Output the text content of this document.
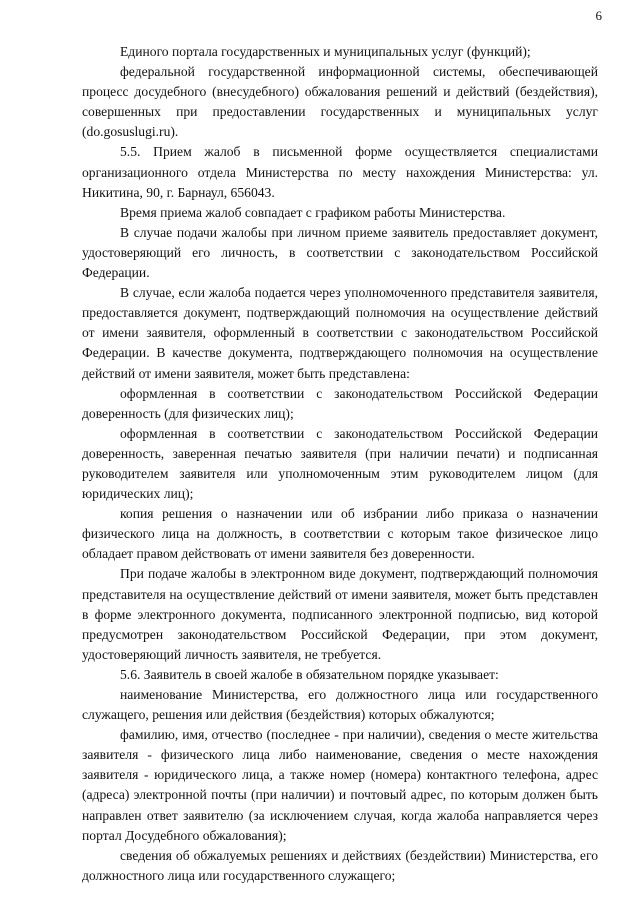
6

Единого портала государственных и муниципальных услуг (функций);

федеральной государственной информационной системы, обеспечивающей процесс досудебного (внесудебного) обжалования решений и действий (бездействия), совершенных при предоставлении государственных и муниципальных услуг (do.gosuslugi.ru).

5.5. Прием жалоб в письменной форме осуществляется специалистами организационного отдела Министерства по месту нахождения Министерства: ул. Никитина, 90, г. Барнаул, 656043.

Время приема жалоб совпадает с графиком работы Министерства.

В случае подачи жалобы при личном приеме заявитель предоставляет документ, удостоверяющий его личность, в соответствии с законодательством Российской Федерации.

В случае, если жалоба подается через уполномоченного представителя заявителя, предоставляется документ, подтверждающий полномочия на осуществление действий от имени заявителя, оформленный в соответствии с законодательством Российской Федерации. В качестве документа, подтверждающего полномочия на осуществление действий от имени заявителя, может быть представлена:

оформленная в соответствии с законодательством Российской Федерации доверенность (для физических лиц);

оформленная в соответствии с законодательством Российской Федерации доверенность, заверенная печатью заявителя (при наличии печати) и подписанная руководителем заявителя или уполномоченным этим руководителем лицом (для юридических лиц);

копия решения о назначении или об избрании либо приказа о назначении физического лица на должность, в соответствии с которым такое физическое лицо обладает правом действовать от имени заявителя без доверенности.

При подаче жалобы в электронном виде документ, подтверждающий полномочия представителя на осуществление действий от имени заявителя, может быть представлен в форме электронного документа, подписанного электронной подписью, вид которой предусмотрен законодательством Российской Федерации, при этом документ, удостоверяющий личность заявителя, не требуется.

5.6. Заявитель в своей жалобе в обязательном порядке указывает:

наименование Министерства, его должностного лица или государственного служащего, решения или действия (бездействия) которых обжалуются;

фамилию, имя, отчество (последнее - при наличии), сведения о месте жительства заявителя - физического лица либо наименование, сведения о месте нахождения заявителя - юридического лица, а также номер (номера) контактного телефона, адрес (адреса) электронной почты (при наличии) и почтовый адрес, по которым должен быть направлен ответ заявителю (за исключением случая, когда жалоба направляется через портал Досудебного обжалования);

сведения об обжалуемых решениях и действиях (бездействии) Министерства, его должностного лица или государственного служащего;
